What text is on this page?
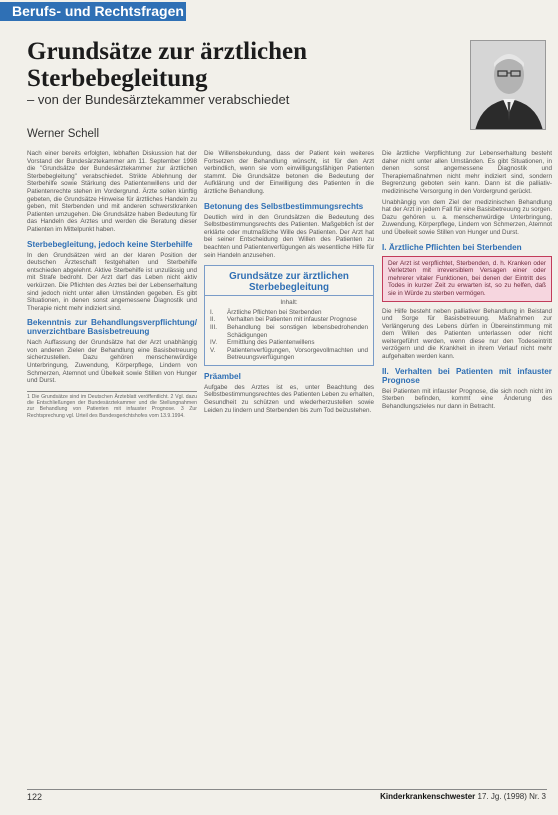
Berufs- und Rechtsfragen
Grundsätze zur ärztlichen Sterbebegleitung
– von der Bundesärztekammer verabschiedet
Werner Schell

Nach einer bereits erfolgten, lebhaften Diskussion hat der Vorstand der Bundesärztekammer am 11. September 1998 die "Grundsätze der Bundesärztekammer zur ärztlichen Sterbebegleitung" verabschiedet. Strikte Ablehnung der Sterbehilfe sowie Stärkung des Patientenwillens und der Patientenrechte stehen im Vordergrund. Ärzte sollen künftig gebeten, die Grundsätze Hinweise für ärztliches Handeln zu geben, mit Sterbenden und mit anderen schwerstkranken Patienten umzugehen. Die Grundsätze haben Bedeutung für das Handeln des Arztes und werden die Beratung dieser Patienten im Mittelpunkt haben.

Sterbebegleitung, jedoch keine Sterbehilfe

In den Grundsätzen wird an der klaren Position der deutschen Ärzteschaft festgehalten und Sterbehilfe entschieden abgelehnt. Aktive Sterbehilfe ist unzulässig und mit Strafe bedroht. Der Arzt darf das Leben nicht aktiv verkürzen. Die Pflichten des Arztes bei der Lebenserhaltung sind jedoch nicht unter allen Umständen gegeben. Es gibt Situationen, in denen sonst angemessene Diagnostik und Therapie nicht mehr indiziert sind.

Bekenntnis zur Behandlungsverpflichtung/ unverzichtbare Basisbetreuung

Nach Auffassung der Grundsätze hat der Arzt unabhängig von anderen Zielen der Behandlung eine Basisbetreuung sicherzustellen. Dazu gehören menschenwürdige Unterbringung, Zuwendung, Körperpflege, Lindern von Schmerzen, Atemnot und Übelkeit sowie Stillen von Hunger und Durst.

1 Die Grundsätze sind im Deutschen Ärzteblatt veröffentlicht. 2 Vgl. dazu die Entschließungen der Bundesärztekammer und die Stellungnahmen zur Behandlung von Patienten mit infauster Prognose. 3 Zur Rechtsprechung vgl. Urteil des Bundesgerichtshofes vom 13.9.1994.

Die Willensbekundung, dass der Patient kein weiteres Fortsetzen der Behandlung wünscht, ist für den Arzt verbindlich, wenn sie vom einwilligungsfähigen Patienten stammt. Die Grundsätze betonen die Bedeutung der Aufklärung und der Einwilligung des Patienten in die ärztliche Behandlung.

Betonung des Selbstbestimmungsrechts

Deutlich wird in den Grundsätzen die Bedeutung des Selbstbestimmungsrechts des Patienten. Maßgeblich ist der erklärte oder mutmaßliche Wille des Patienten. Der Arzt hat bei seiner Entscheidung den Willen des Patienten zu beachten und Patientenverfügungen als wesentliche Hilfe für sein Handeln anzusehen.

Grundsätze zur ärztlichen Sterbebegleitung
Inhalt:
I.	Ärztliche Pflichten bei Sterbenden
II.	Verhalten bei Patienten mit infauster Prognose
III.	Behandlung bei sonstigen lebensbedrohenden Schädigungen
IV.	Ermittlung des Patientenwillens
V.	Patientenverfügungen, Vorsorgevollmachten und Betreuungsverfügungen
Präambel

Aufgabe des Arztes ist es, unter Beachtung des Selbstbestimmungsrechtes des Patienten Leben zu erhalten, Gesundheit zu schützen und wiederherzustellen sowie Leiden zu lindern und Sterbenden bis zum Tod beizustehen.

Die ärztliche Verpflichtung zur Lebenserhaltung besteht daher nicht unter allen Umständen. Es gibt Situationen, in denen sonst angemessene Diagnostik und Therapiemaßnahmen nicht mehr indiziert sind, sondern Begrenzung geboten sein kann. Dann ist die palliativ-medizinische Versorgung in den Vordergrund gerückt.

Unabhängig von dem Ziel der medizinischen Behandlung hat der Arzt in jedem Fall für eine Basisbetreuung zu sorgen. Dazu gehören u. a. menschenwürdige Unterbringung, Zuwendung, Körperpflege, Lindern von Schmerzen, Atemnot und Übelkeit sowie Stillen von Hunger und Durst.

I. Ärztliche Pflichten bei Sterbenden
Der Arzt ist verpflichtet, Sterbenden, d. h. Kranken oder Verletzten mit irreversiblem Versagen einer oder mehrerer vitaler Funktionen, bei denen der Eintritt des Todes in kurzer Zeit zu erwarten ist, so zu helfen, daß sie in Würde zu sterben vermögen.

Die Hilfe besteht neben palliativer Behandlung in Beistand und Sorge für Basisbetreuung. Maßnahmen zur Verlängerung des Lebens dürfen in Übereinstimmung mit dem Willen des Patienten unterlassen oder nicht weitergeführt werden, wenn diese nur den Todeseintritt verzögern und die Krankheit in ihrem Verlauf nicht mehr aufgehalten werden kann.

II. Verhalten bei Patienten mit infauster Prognose

Bei Patienten mit infauster Prognose, die sich noch nicht im Sterben befinden, kommt eine Änderung des Behandlungszieles nur dann in Betracht.

122	Kinderkrankenschwester 17. Jg. (1998) Nr. 3
